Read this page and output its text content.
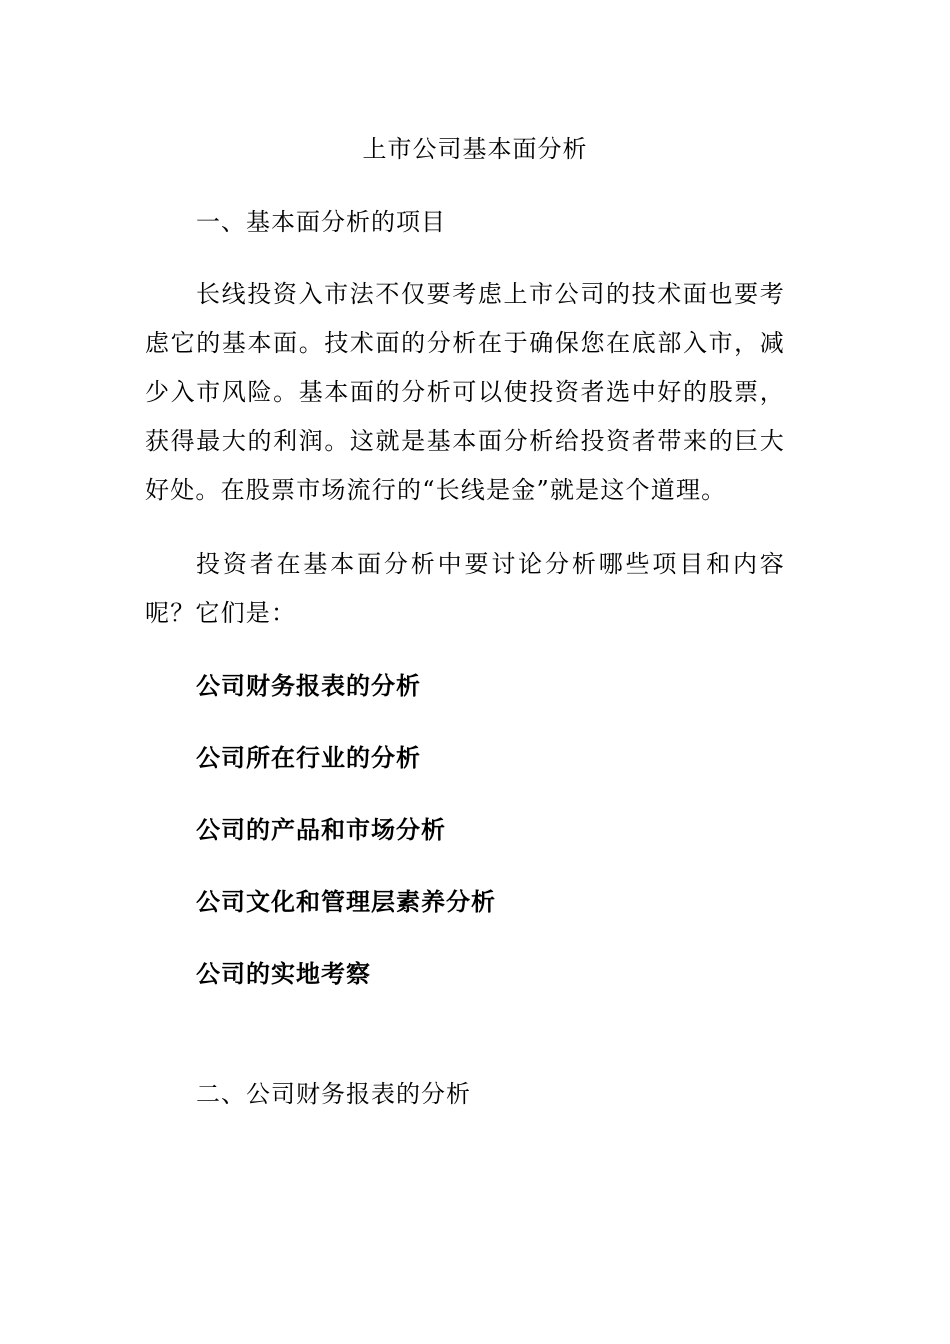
上市公司基本面分析
一、基本面分析的项目

长线投资入市法不仅要考虑上市公司的技术面也要考虑它的基本面。技术面的分析在于确保您在底部入市，减少入市风险。基本面的分析可以使投资者选中好的股票，获得最大的利润。这就是基本面分析给投资者带来的巨大好处。在股票市场流行的“长线是金”就是这个道理。

投资者在基本面分析中要讨论分析哪些项目和内容呢？它们是：

公司财务报表的分析
公司所在行业的分析
公司的产品和市场分析
公司文化和管理层素养分析
公司的实地考察
二、公司财务报表的分析
